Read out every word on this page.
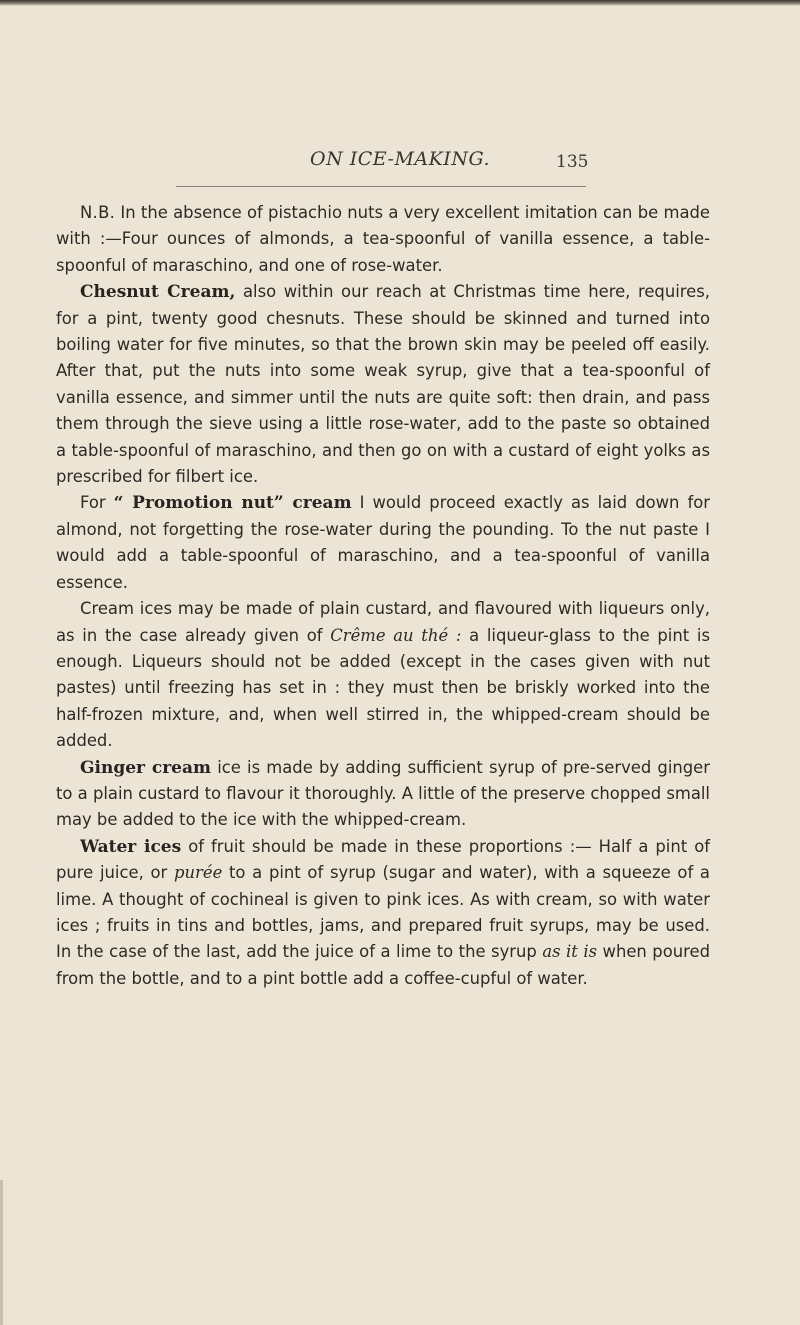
ON ICE-MAKING.	135

N.B. In the absence of pistachio nuts a very excellent imitation can be made with :—Four ounces of almonds, a tea-spoonful of vanilla essence, a table-spoonful of maraschino, and one of rose-water.

Chesnut Cream, also within our reach at Christmas time here, requires, for a pint, twenty good chesnuts. These should be skinned and turned into boiling water for five minutes, so that the brown skin may be peeled off easily. After that, put the nuts into some weak syrup, give that a tea-spoonful of vanilla essence, and simmer until the nuts are quite soft: then drain, and pass them through the sieve using a little rose-water, add to the paste so obtained a table-spoonful of maraschino, and then go on with a custard of eight yolks as prescribed for filbert ice.

For “ Promotion nut” cream I would proceed exactly as laid down for almond, not forgetting the rose-water during the pounding. To the nut paste I would add a table-spoonful of maraschino, and a tea-spoonful of vanilla essence.

Cream ices may be made of plain custard, and flavoured with liqueurs only, as in the case already given of Crême au thé : a liqueur-glass to the pint is enough. Liqueurs should not be added (except in the cases given with nut pastes) until freezing has set in : they must then be briskly worked into the half-frozen mixture, and, when well stirred in, the whipped-cream should be added.

Ginger cream ice is made by adding sufficient syrup of pre-served ginger to a plain custard to flavour it thoroughly. A little of the preserve chopped small may be added to the ice with the whipped-cream.

Water ices of fruit should be made in these proportions :— Half a pint of pure juice, or purée to a pint of syrup (sugar and water), with a squeeze of a lime. A thought of cochineal is given to pink ices. As with cream, so with water ices ; fruits in tins and bottles, jams, and prepared fruit syrups, may be used. In the case of the last, add the juice of a lime to the syrup as it is when poured from the bottle, and to a pint bottle add a coffee-cupful of water.
